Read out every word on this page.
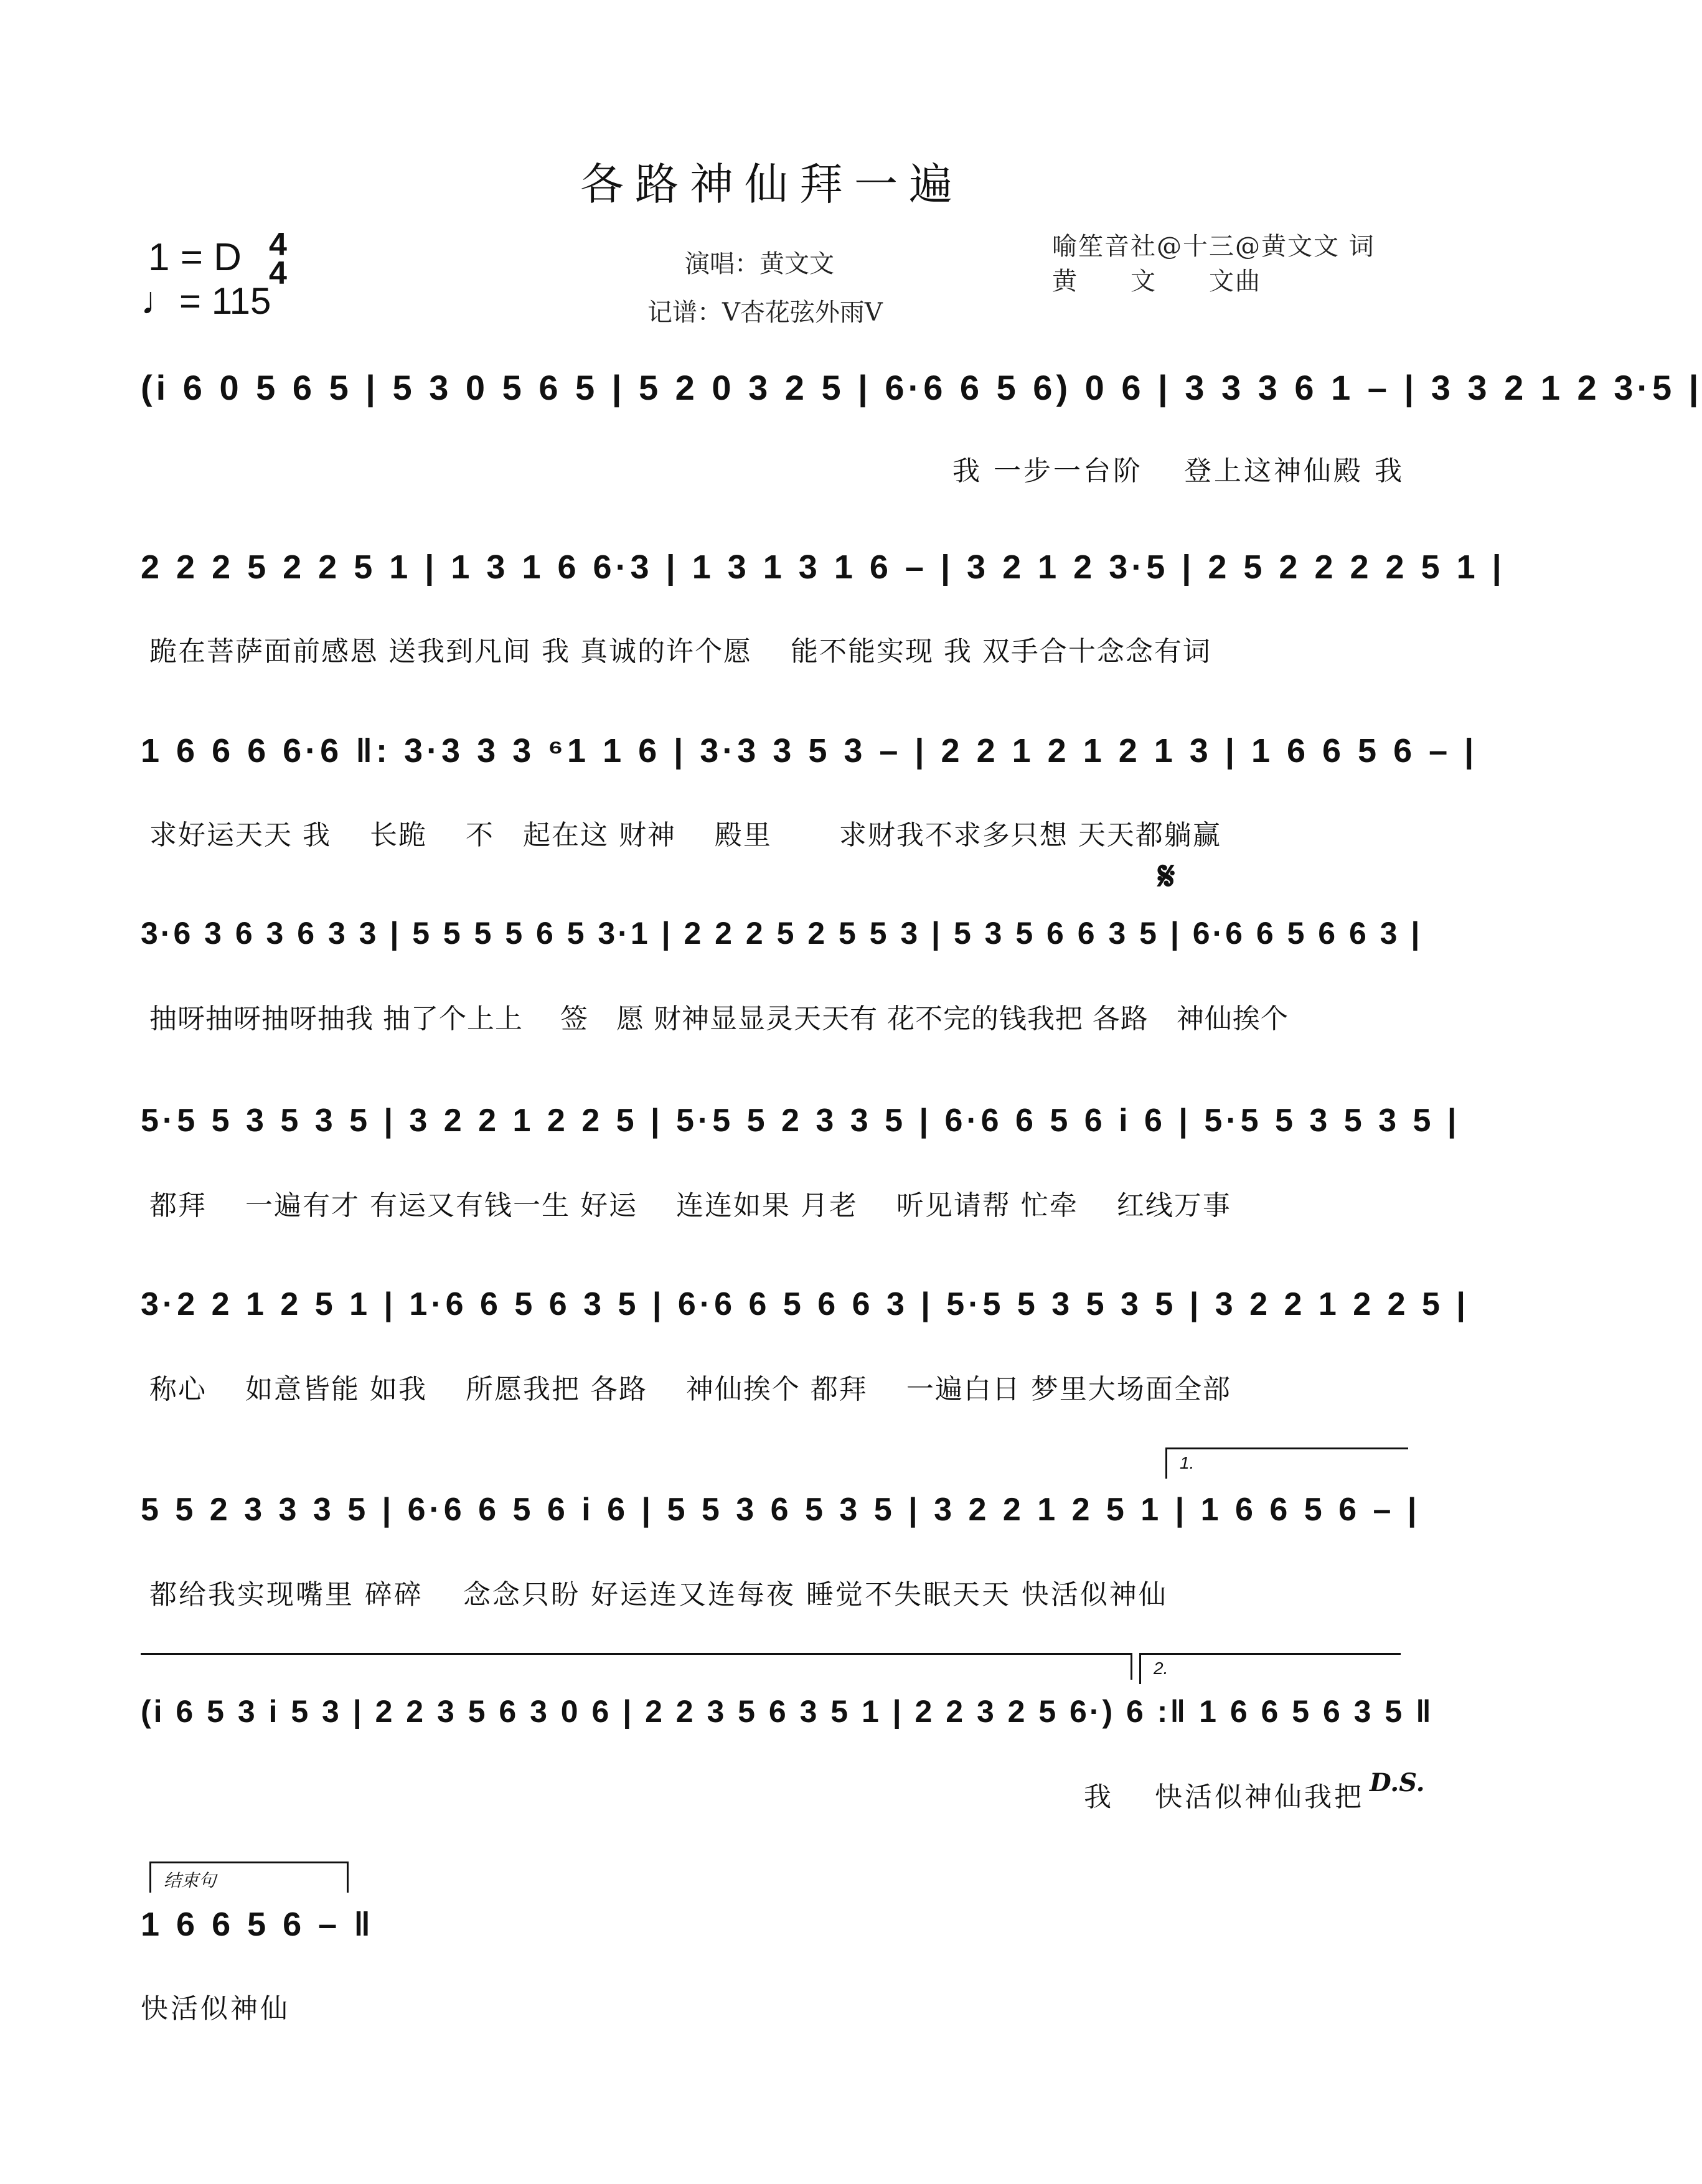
各路神仙拜一遍
1 = D 4
4
♩= 115
演唱：黄文文
记谱：V杏花弦外雨V
喻笙音社@十三@黄文文 词
黄　　文　　文曲
(i 6 0 5 6 5 | 5 3 0 5 6 5 | 5 2 0 3 2 5 | 6·6 6 5 6) 0 6 | 3 3 3 6 1 – | 3 3 2 1 2 3·5 |
我 一步一台阶　 登上这神仙殿 我
2 2 2 5 2 2 5 1 | 1 3 1 6 6·3 | 1 3 1 3 1 6 – | 3 2 1 2 3·5 | 2 5 2 2 2 2 5 1 |
跪在菩萨面前感恩 送我到凡间 我 真诚的许个愿　 能不能实现 我 双手合十念念有词
1 6 6 6 6·6 ‖: 3·3 3 3 ⁶1 1 6 | 3·3 3 5 3 – | 2 2 1 2 1 2 1 3 | 1 6 6 5 6 – |
求好运天天 我　 长跪　 不　起在这 财神　 殿里　　 求财我不求多只想 天天都躺赢
𝄋
3·6 3 6 3 6 3 3 | 5 5 5 5 6 5 3·1 | 2 2 2 5 2 5 5 3 | 5 3 5 6 6 3 5 | 6·6 6 5 6 6 3 |
抽呀抽呀抽呀抽我 抽了个上上　 签　愿 财神显显灵天天有 花不完的钱我把 各路　神仙挨个
5·5 5 3 5 3 5 | 3 2 2 1 2 2 5 | 5·5 5 2 3 3 5 | 6·6 6 5 6 i 6 | 5·5 5 3 5 3 5 |
都拜　 一遍有才 有运又有钱一生 好运　 连连如果 月老　 听见请帮 忙牵　 红线万事
3·2 2 1 2 5 1 | 1·6 6 5 6 3 5 | 6·6 6 5 6 6 3 | 5·5 5 3 5 3 5 | 3 2 2 1 2 2 5 |
称心　 如意皆能 如我　 所愿我把 各路　 神仙挨个 都拜　 一遍白日 梦里大场面全部
1.
5 5 2 3 3 3 5 | 6·6 6 5 6 i 6 | 5 5 3 6 5 3 5 | 3 2 2 1 2 5 1 | 1 6 6 5 6 – |
都给我实现嘴里 碎碎　 念念只盼 好运连又连每夜 睡觉不失眠天天 快活似神仙
2.
(i 6 5 3 i 5 3 | 2 2 3 5 6 3 0 6 | 2 2 3 5 6 3 5 1 | 2 2 3 2 5 6·) 6 :‖ 1 6 6 5 6 3 5 ‖
我　 快活似神仙我把 D.S.
结束句
1 6 6 5 6 – ‖
快活似神仙
